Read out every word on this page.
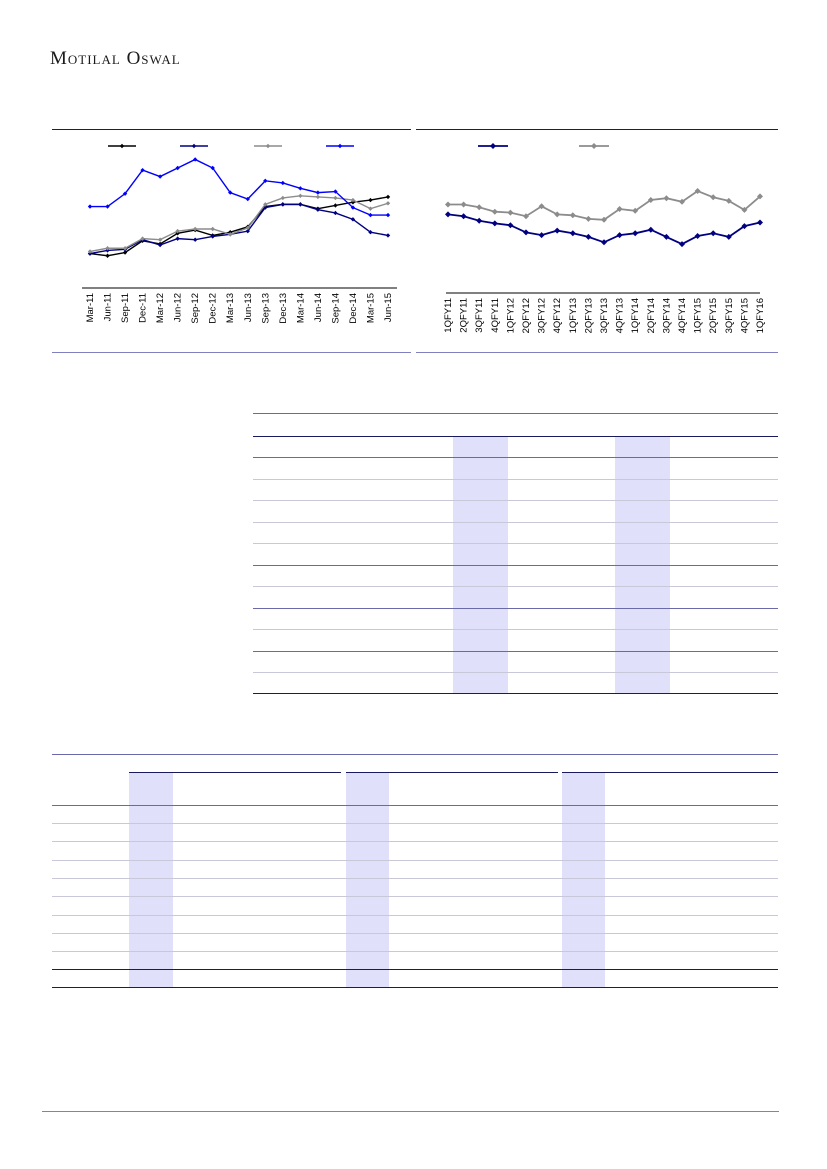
Motilal Oswal
Mar-11 Jun-11 Sep-11 Dec-11 Mar-12 Jun-12 Sep-12 Dec-12 Mar-13 Jun-13 Sep-13 Dec-13 Mar-14 Jun-14 Sep-14 Dec-14 Mar-15 Jun-15	1QFY11 2QFY11 3QFY11 4QFY11 1QFY12 2QFY12 3QFY12 4QFY12 1QFY13 2QFY13 3QFY13 4QFY13 1QFY14 2QFY14 3QFY14 4QFY14 1QFY15 2QFY15 3QFY15 4QFY15 1QFY16
